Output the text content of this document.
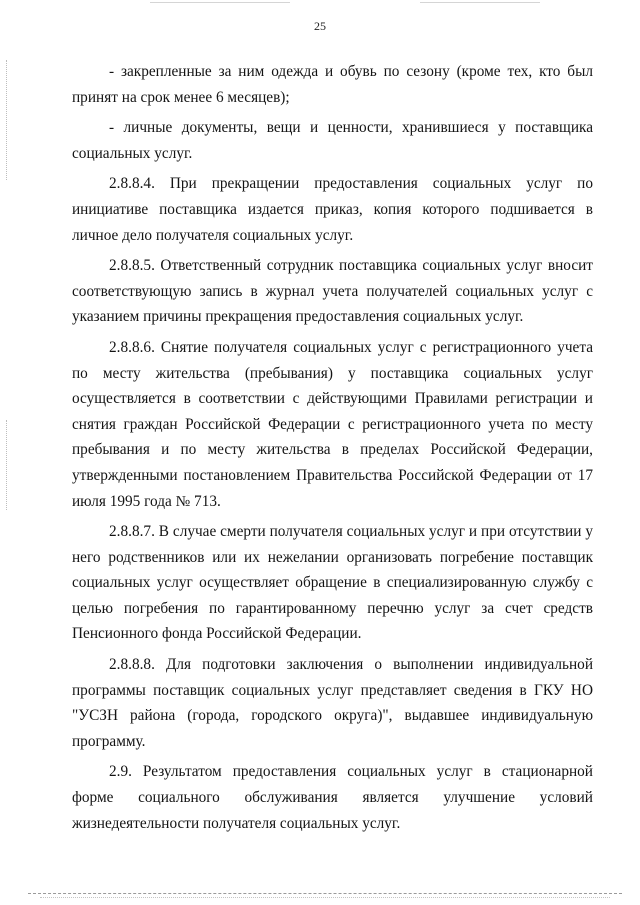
25

- закрепленные за ним одежда и обувь по сезону (кроме тех, кто был принят на срок менее 6 месяцев);

- личные документы, вещи и ценности, хранившиеся у поставщика социальных услуг.

2.8.8.4. При прекращении предоставления социальных услуг по инициативе поставщика издается приказ, копия которого подшивается в личное дело получателя социальных услуг.

2.8.8.5. Ответственный сотрудник поставщика социальных услуг вносит соответствующую запись в журнал учета получателей социальных услуг с указанием причины прекращения предоставления социальных услуг.

2.8.8.6. Снятие получателя социальных услуг с регистрационного учета по месту жительства (пребывания) у поставщика социальных услуг осуществляется в соответствии с действующими Правилами регистрации и снятия граждан Российской Федерации с регистрационного учета по месту пребывания и по месту жительства в пределах Российской Федерации, утвержденными постановлением Правительства Российской Федерации от 17 июля 1995 года № 713.

2.8.8.7. В случае смерти получателя социальных услуг и при отсутствии у него родственников или их нежелании организовать погребение поставщик социальных услуг осуществляет обращение в специализированную службу с целью погребения по гарантированному перечню услуг за счет средств Пенсионного фонда Российской Федерации.

2.8.8.8. Для подготовки заключения о выполнении индивидуальной программы поставщик социальных услуг представляет сведения в ГКУ НО "УСЗН района (города, городского округа)", выдавшее индивидуальную программу.

2.9. Результатом предоставления социальных услуг в стационарной форме социального обслуживания является улучшение условий жизнедеятельности получателя социальных услуг.
